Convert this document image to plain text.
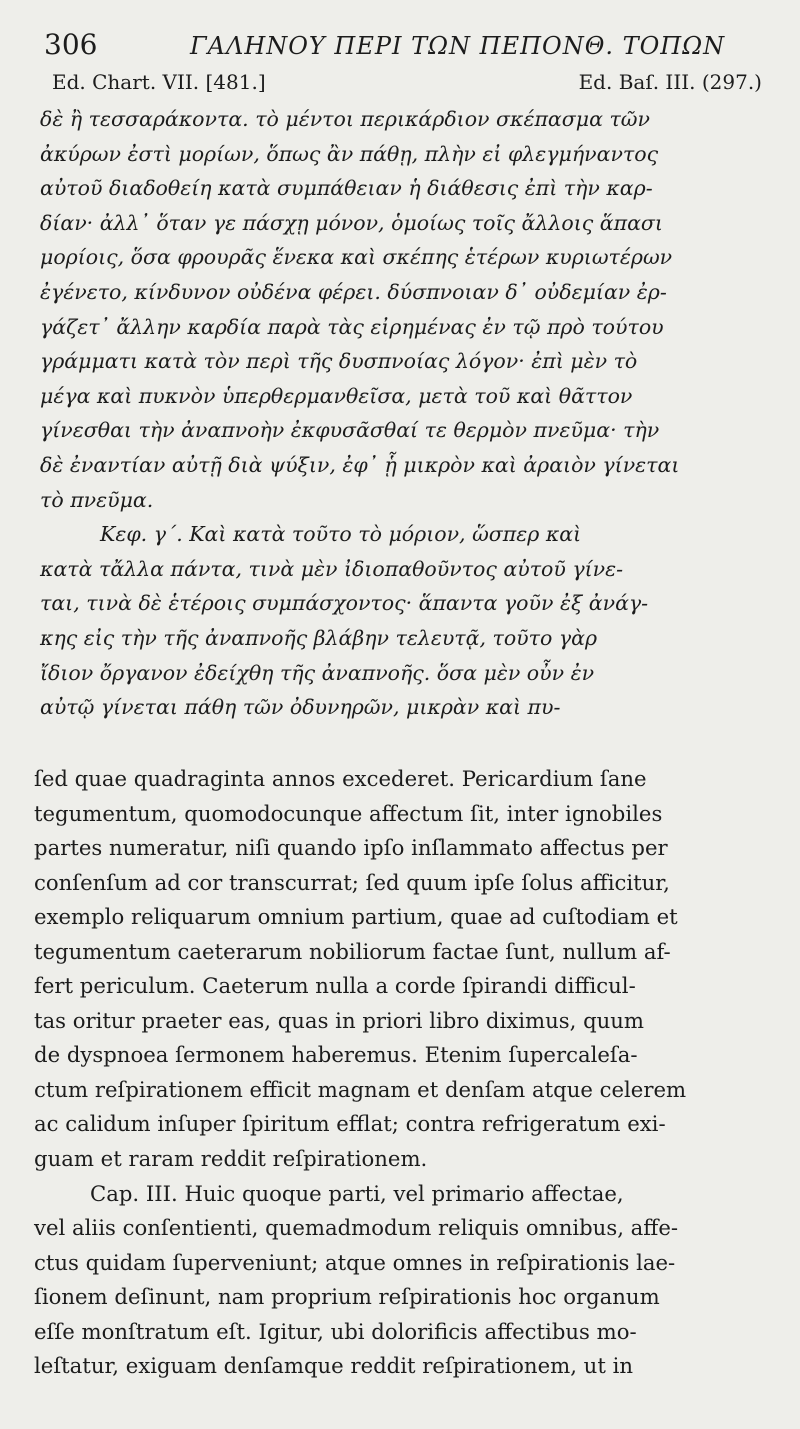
306	ΓΑΛΗΝΟΥ ΠΕΡΙ ΤΩΝ ΠΕΠΟΝΘ. ΤΟΠΩΝ
Ed. Chart. VII. [481.]	Ed. Baſ. III. (297.)
δὲ ἢ τεσσαράκοντα. τὸ μέντοι περικάρδιον σκέπασμα τῶν
ἀκύρων ἐστὶ μορίων, ὅπως ἂν πάθῃ, πλὴν εἰ φλεγμήναντος
αὐτοῦ διαδοθείη κατὰ συμπάθειαν ἡ διάθεσις ἐπὶ τὴν καρ-
δίαν· ἀλλ᾽ ὅταν γε πάσχῃ μόνον, ὁμοίως τοῖς ἄλλοις ἅπασι
μορίοις, ὅσα φρουρᾶς ἕνεκα καὶ σκέπης ἑτέρων κυριωτέρων
ἐγένετο, κίνδυνον οὐδένα φέρει. δύσπνοιαν δ᾽ οὐδεμίαν ἐρ-
γάζετ᾽ ἄλλην καρδία παρὰ τὰς εἰρημένας ἐν τῷ πρὸ τούτου
γράμματι κατὰ τὸν περὶ τῆς δυσπνοίας λόγον· ἐπὶ μὲν τὸ
μέγα καὶ πυκνὸν ὑπερθερμανθεῖσα, μετὰ τοῦ καὶ θᾶττον
γίνεσθαι τὴν ἀναπνοὴν ἐκφυσᾶσθαί τε θερμὸν πνεῦμα· τὴν
δὲ ἐναντίαν αὐτῇ διὰ ψύξιν, ἐφ᾽ ᾗ μικρὸν καὶ ἀραιὸν γίνεται
τὸ πνεῦμα.
Κεφ. γ΄. Καὶ κατὰ τοῦτο τὸ μόριον, ὥσπερ καὶ
κατὰ τἄλλα πάντα, τινὰ μὲν ἰδιοπαθοῦντος αὐτοῦ γίνε-
ται, τινὰ δὲ ἑτέροις συμπάσχοντος· ἅπαντα γοῦν ἐξ ἀνάγ-
κης εἰς τὴν τῆς ἀναπνοῆς βλάβην τελευτᾷ, τοῦτο γὰρ
ἴδιον ὄργανον ἐδείχθη τῆς ἀναπνοῆς. ὅσα μὲν οὖν ἐν
αὐτῷ γίνεται πάθη τῶν ὀδυνηρῶν, μικρὰν καὶ πυ-
ſed quae quadraginta annos excederet. Pericardium ſane
tegumentum, quomodocunque affectum ſit, inter ignobiles
partes numeratur, niſi quando ipſo inſlammato affectus per
conſenſum ad cor transcurrat; ſed quum ipſe ſolus afficitur,
exemplo reliquarum omnium partium, quae ad cuſtodiam et
tegumentum caeterarum nobiliorum factae ſunt, nullum af-
fert periculum. Caeterum nulla a corde ſpirandi difficul-
tas oritur praeter eas, quas in priori libro diximus, quum
de dyspnoea ſermonem haberemus. Etenim ſupercaleſa-
ctum reſpirationem efficit magnam et denſam atque celerem
ac calidum inſuper ſpiritum efflat; contra refrigeratum exi-
guam et raram reddit reſpirationem.
Cap. III. Huic quoque parti, vel primario affectae,
vel aliis conſentienti, quemadmodum reliquis omnibus, affe-
ctus quidam ſuperveniunt; atque omnes in reſpirationis lae-
ſionem deſinunt, nam proprium reſpirationis hoc organum
eſſe monſtratum eſt. Igitur, ubi dolorificis affectibus mo-
leſtatur, exiguam denſamque reddit reſpirationem, ut in
